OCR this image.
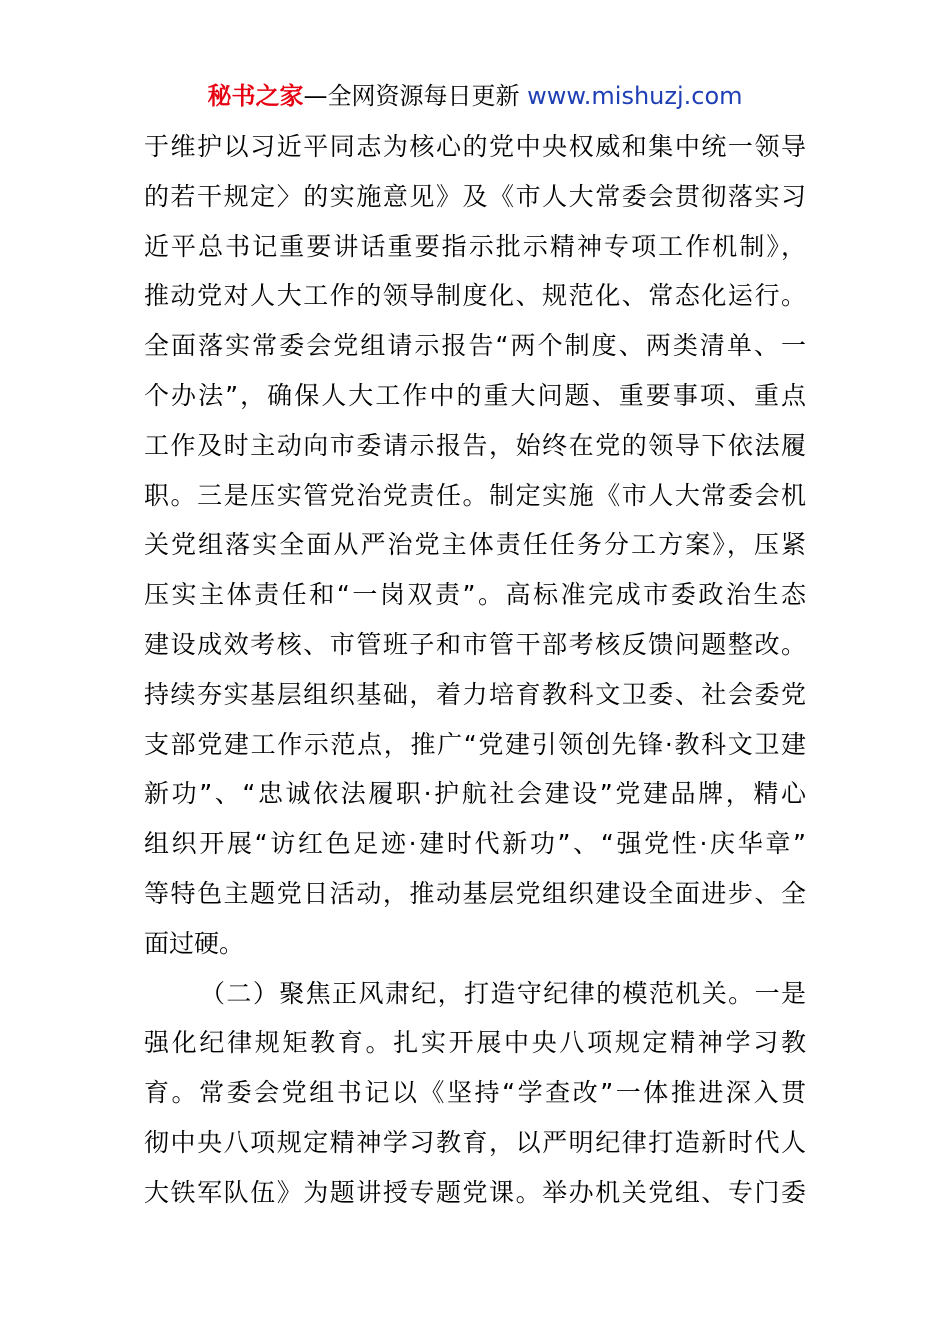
秘书之家—全网资源每日更新 www.mishuzj.com
于维护以习近平同志为核心的党中央权威和集中统一领导
的若干规定〉的实施意见》及《市人大常委会贯彻落实习
近平总书记重要讲话重要指示批示精神专项工作机制》，
推动党对人大工作的领导制度化、规范化、常态化运行。
全面落实常委会党组请示报告“两个制度、两类清单、一
个办法”，确保人大工作中的重大问题、重要事项、重点
工作及时主动向市委请示报告，始终在党的领导下依法履
职。三是压实管党治党责任。制定实施《市人大常委会机
关党组落实全面从严治党主体责任任务分工方案》，压紧
压实主体责任和“一岗双责”。高标准完成市委政治生态
建设成效考核、市管班子和市管干部考核反馈问题整改。
持续夯实基层组织基础，着力培育教科文卫委、社会委党
支部党建工作示范点，推广“党建引领创先锋·教科文卫建
新功”、“忠诚依法履职·护航社会建设”党建品牌，精心
组织开展“访红色足迹·建时代新功”、“强党性·庆华章”
等特色主题党日活动，推动基层党组织建设全面进步、全
面过硬。
（二）聚焦正风肃纪，打造守纪律的模范机关。一是
强化纪律规矩教育。扎实开展中央八项规定精神学习教
育。常委会党组书记以《坚持“学查改”一体推进深入贯
彻中央八项规定精神学习教育，以严明纪律打造新时代人
大铁军队伍》为题讲授专题党课。举办机关党组、专门委
